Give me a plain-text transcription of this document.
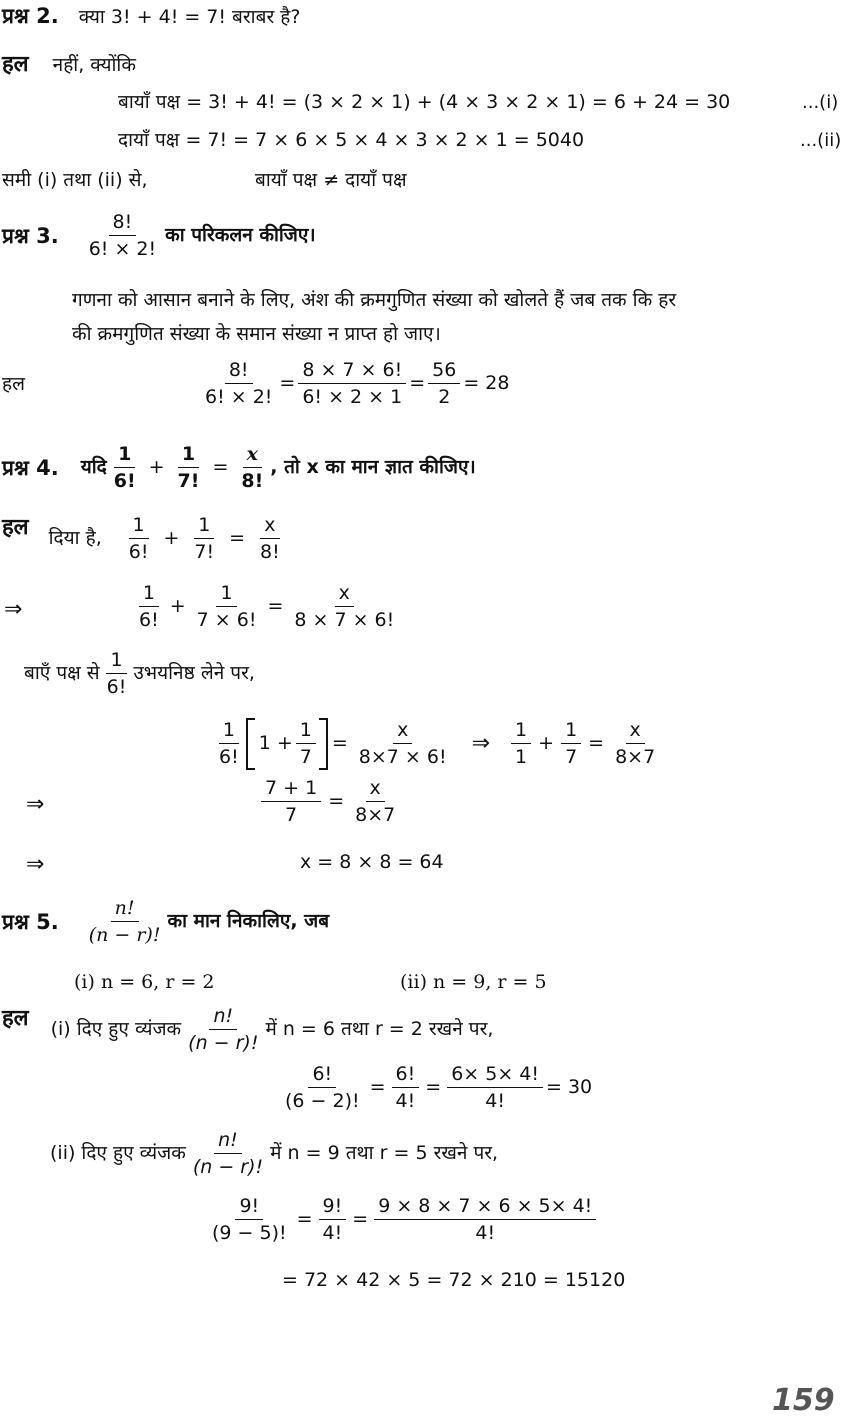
प्रश्न 2. क्या 3! + 4! = 7! बराबर है?
हल नहीं, क्योंकि
बायाँ पक्ष = 3! + 4! = (3 × 2 × 1) + (4 × 3 × 2 × 1) = 6 + 24 = 30	...(i)
दायाँ पक्ष = 7! = 7 × 6 × 5 × 4 × 3 × 2 × 1 = 5040	...(ii)
समी (i) तथा (ii) से,	बायाँ पक्ष ≠ दायाँ पक्ष
प्रश्न 3. $\frac{8!}{6! \times 2!}$ का परिकलन कीजिए।
गणना को आसान बनाने के लिए, अंश की क्रमगुणित संख्या को खोलते हैं जब तक कि हर
की क्रमगुणित संख्या के समान संख्या न प्राप्त हो जाए।
हल	$\frac{8!}{6! \times 2!} = \frac{8 \times 7 \times 6!}{6! \times 2 \times 1} = \frac{56}{2} = 28$
प्रश्न 4. यदि $\frac{1}{6!} + \frac{1}{7!} = \frac{x}{8!}$ , तो x का मान ज्ञात कीजिए।
हल दिया है, $\frac{1}{6!} + \frac{1}{7!} = \frac{x}{8!}$
⇒	$\frac{1}{6!} + \frac{1}{7 \times 6!} = \frac{x}{8 \times 7 \times 6!}$
बाएँ पक्ष से $\frac{1}{6!}$ उभयनिष्ठ लेने पर,
$\frac{1}{6!} 1 + \frac{1}{7} = \frac{x}{8\times 7 \times 6!}$ ⇒ $\frac{1}{1} + \frac{1}{7} = \frac{x}{8\times 7}$
⇒	$\frac{7 + 1}{7} = \frac{x}{8\times 7}$
⇒	x = 8 × 8 = 64
प्रश्न 5. $\frac{n!}{(n - r)!}$ का मान निकालिए, जब
(i) n = 6, r = 2	(ii) n = 9, r = 5
हल (i) दिए हुए व्यंजक $\frac{n!}{(n - r)!}$ में n = 6 तथा r = 2 रखने पर,
$\frac{6!}{(6 - 2)!} = \frac{6!}{4!} = \frac{6\times 5\times 4!}{4!} = 30$
(ii) दिए हुए व्यंजक $\frac{n!}{(n - r)!}$ में n = 9 तथा r = 5 रखने पर,
$\frac{9!}{(9 - 5)!} = \frac{9!}{4!} = \frac{9 \times 8 \times 7 \times 6 \times 5\times 4!}{4!}$
= 72 × 42 × 5 = 72 × 210 = 15120
159
